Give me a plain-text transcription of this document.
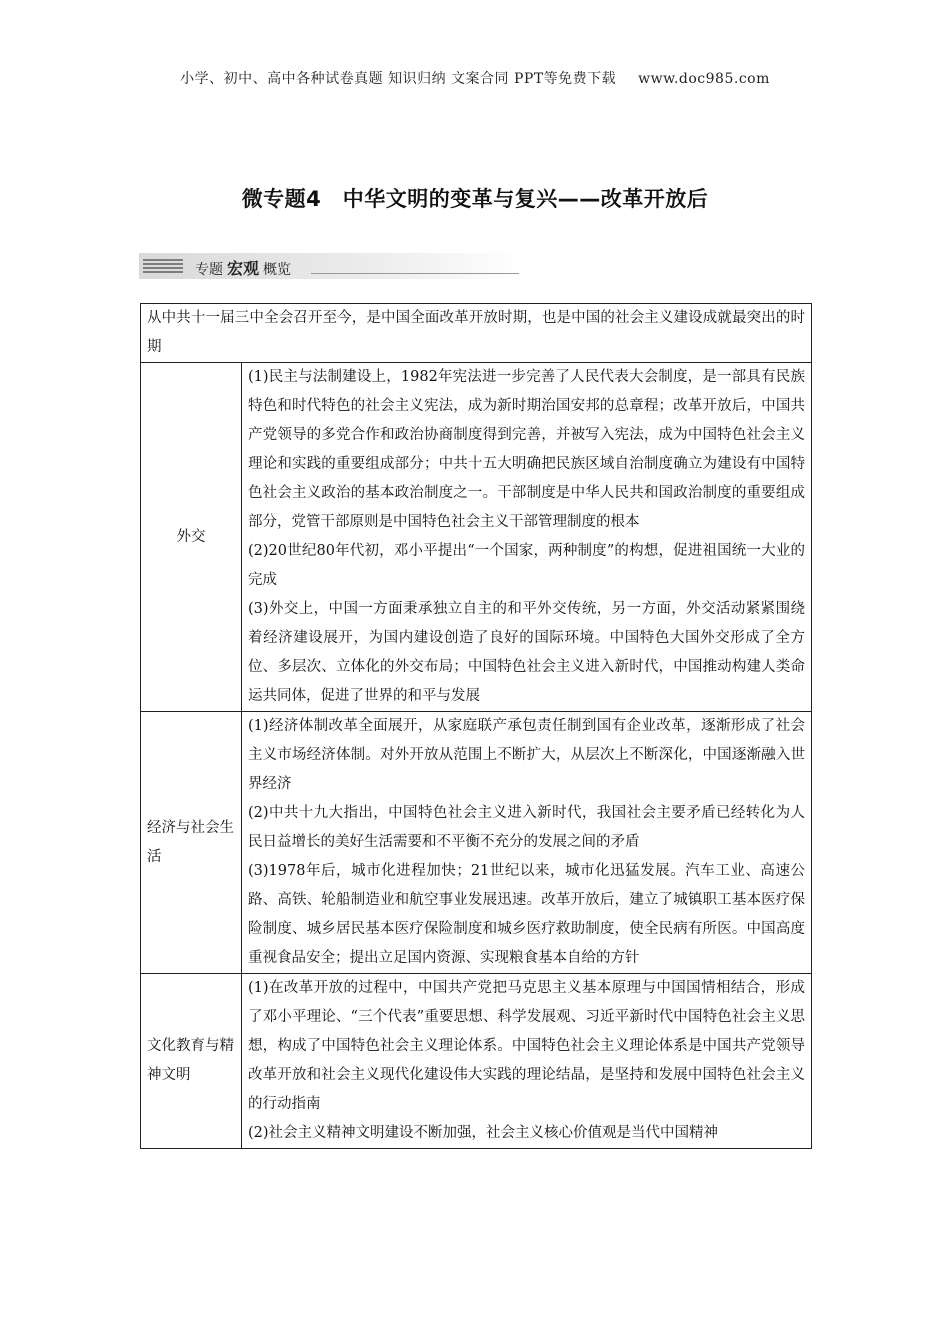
小学、初中、高中各种试卷真题 知识归纳 文案合同 PPT等免费下载 www.doc985.com
微专题4　中华文明的变革与复兴——改革开放后
专题 宏观 概览
从中共十一届三中全会召开至今，是中国全面改革开放时期，也是中国的社会主义建设成就最突出的时期	

外交	(1)民主与法制建设上，1982年宪法进一步完善了人民代表大会制度，是一部具有民族特色和时代特色的社会主义宪法，成为新时期治国安邦的总章程；改革开放后，中国共产党领导的多党合作和政治协商制度得到完善，并被写入宪法，成为中国特色社会主义理论和实践的重要组成部分；中共十五大明确把民族区域自治制度确立为建设有中国特色社会主义政治的基本政治制度之一。干部制度是中华人民共和国政治制度的重要组成部分，党管干部原则是中国特色社会主义干部管理制度的根本
(2)20世纪80年代初，邓小平提出“一个国家，两种制度”的构想，促进祖国统一大业的完成
(3)外交上，中国一方面秉承独立自主的和平外交传统，另一方面，外交活动紧紧围绕着经济建设展开，为国内建设创造了良好的国际环境。中国特色大国外交形成了全方位、多层次、立体化的外交布局；中国特色社会主义进入新时代，中国推动构建人类命运共同体，促进了世界的和平与发展

经济与社会生活	(1)经济体制改革全面展开，从家庭联产承包责任制到国有企业改革，逐渐形成了社会主义市场经济体制。对外开放从范围上不断扩大，从层次上不断深化，中国逐渐融入世界经济
(2)中共十九大指出，中国特色社会主义进入新时代，我国社会主要矛盾已经转化为人民日益增长的美好生活需要和不平衡不充分的发展之间的矛盾
(3)1978年后，城市化进程加快；21世纪以来，城市化迅猛发展。汽车工业、高速公路、高铁、轮船制造业和航空事业发展迅速。改革开放后，建立了城镇职工基本医疗保险制度、城乡居民基本医疗保险制度和城乡医疗救助制度，使全民病有所医。中国高度重视食品安全；提出立足国内资源、实现粮食基本自给的方针

文化教育与精神文明	(1)在改革开放的过程中，中国共产党把马克思主义基本原理与中国国情相结合，形成了邓小平理论、“三个代表”重要思想、科学发展观、习近平新时代中国特色社会主义思想，构成了中国特色社会主义理论体系。中国特色社会主义理论体系是中国共产党领导改革开放和社会主义现代化建设伟大实践的理论结晶，是坚持和发展中国特色社会主义的行动指南
(2)社会主义精神文明建设不断加强，社会主义核心价值观是当代中国精神
